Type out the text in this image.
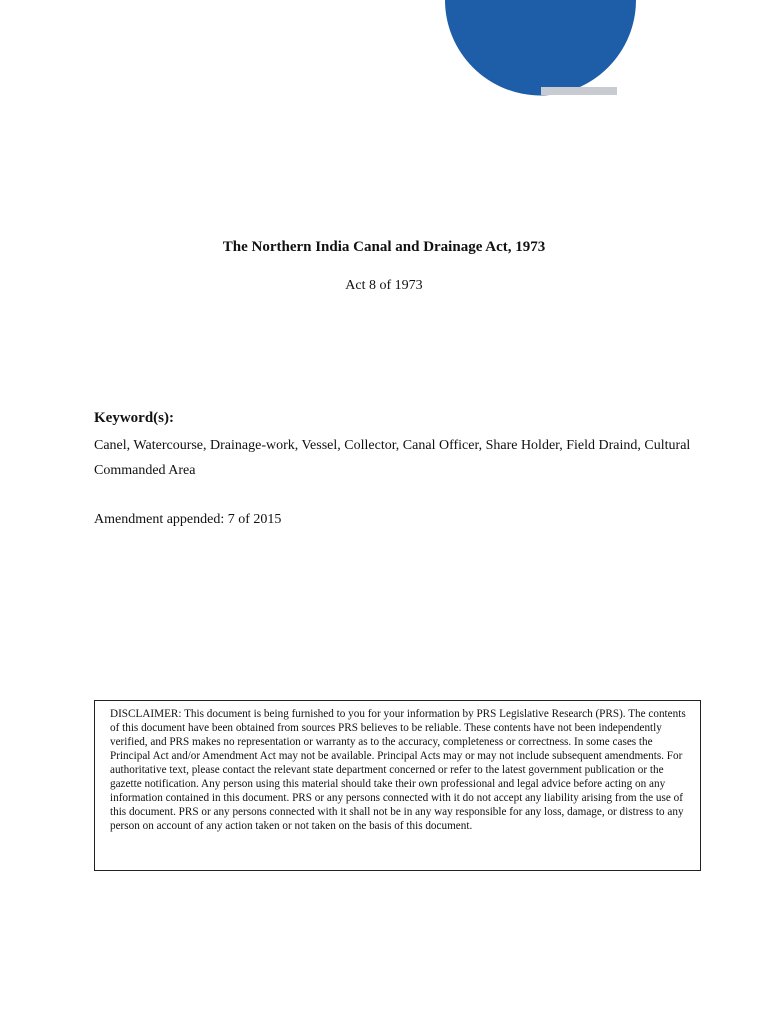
PRS
The Northern India Canal and Drainage Act, 1973
Act 8 of 1973
Keyword(s):
Canel, Watercourse, Drainage-work, Vessel, Collector, Canal Officer, Share Holder, Field Draind, Cultural Commanded Area
Amendment appended: 7 of 2015
DISCLAIMER: This document is being furnished to you for your information by PRS Legislative Research (PRS). The contents of this document have been obtained from sources PRS believes to be reliable. These contents have not been independently verified, and PRS makes no representation or warranty as to the accuracy, completeness or correctness. In some cases the Principal Act and/or Amendment Act may not be available. Principal Acts may or may not include subsequent amendments. For authoritative text, please contact the relevant state department concerned or refer to the latest government publication or the gazette notification. Any person using this material should take their own professional and legal advice before acting on any information contained in this document. PRS or any persons connected with it do not accept any liability arising from the use of this document. PRS or any persons connected with it shall not be in any way responsible for any loss, damage, or distress to any person on account of any action taken or not taken on the basis of this document.
